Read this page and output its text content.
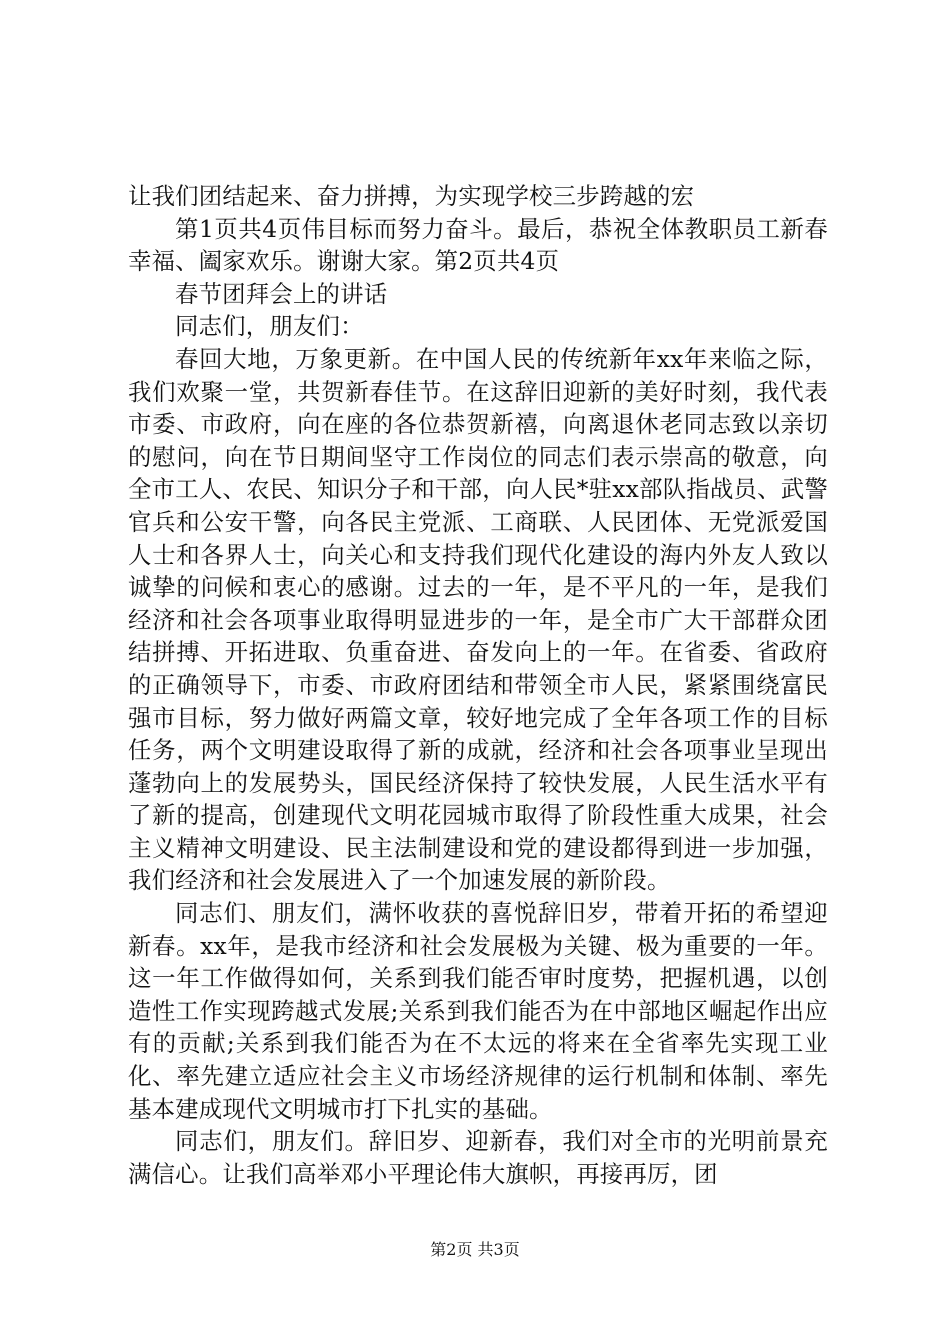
让我们团结起来、奋力拼搏，为实现学校三步跨越的宏

第1页共4页伟目标而努力奋斗。最后，恭祝全体教职员工新春幸福、阖家欢乐。谢谢大家。第2页共4页

春节团拜会上的讲话

同志们，朋友们：

春回大地，万象更新。在中国人民的传统新年xx年来临之际，我们欢聚一堂，共贺新春佳节。在这辞旧迎新的美好时刻，我代表市委、市政府，向在座的各位恭贺新禧，向离退休老同志致以亲切的慰问，向在节日期间坚守工作岗位的同志们表示崇高的敬意，向全市工人、农民、知识分子和干部，向人民*驻xx部队指战员、武警官兵和公安干警，向各民主党派、工商联、人民团体、无党派爱国人士和各界人士，向关心和支持我们现代化建设的海内外友人致以诚挚的问候和衷心的感谢。过去的一年，是不平凡的一年，是我们经济和社会各项事业取得明显进步的一年，是全市广大干部群众团结拼搏、开拓进取、负重奋进、奋发向上的一年。在省委、省政府的正确领导下，市委、市政府团结和带领全市人民，紧紧围绕富民强市目标，努力做好两篇文章，较好地完成了全年各项工作的目标任务，两个文明建设取得了新的成就，经济和社会各项事业呈现出蓬勃向上的发展势头，国民经济保持了较快发展，人民生活水平有了新的提高，创建现代文明花园城市取得了阶段性重大成果，社会主义精神文明建设、民主法制建设和党的建设都得到进一步加强，我们经济和社会发展进入了一个加速发展的新阶段。

同志们、朋友们，满怀收获的喜悦辞旧岁，带着开拓的希望迎新春。xx年，是我市经济和社会发展极为关键、极为重要的一年。这一年工作做得如何，关系到我们能否审时度势，把握机遇，以创造性工作实现跨越式发展;关系到我们能否为在中部地区崛起作出应有的贡献;关系到我们能否为在不太远的将来在全省率先实现工业化、率先建立适应社会主义市场经济规律的运行机制和体制、率先基本建成现代文明城市打下扎实的基础。

同志们，朋友们。辞旧岁、迎新春，我们对全市的光明前景充满信心。让我们高举邓小平理论伟大旗帜，再接再厉，团

第2页 共3页
